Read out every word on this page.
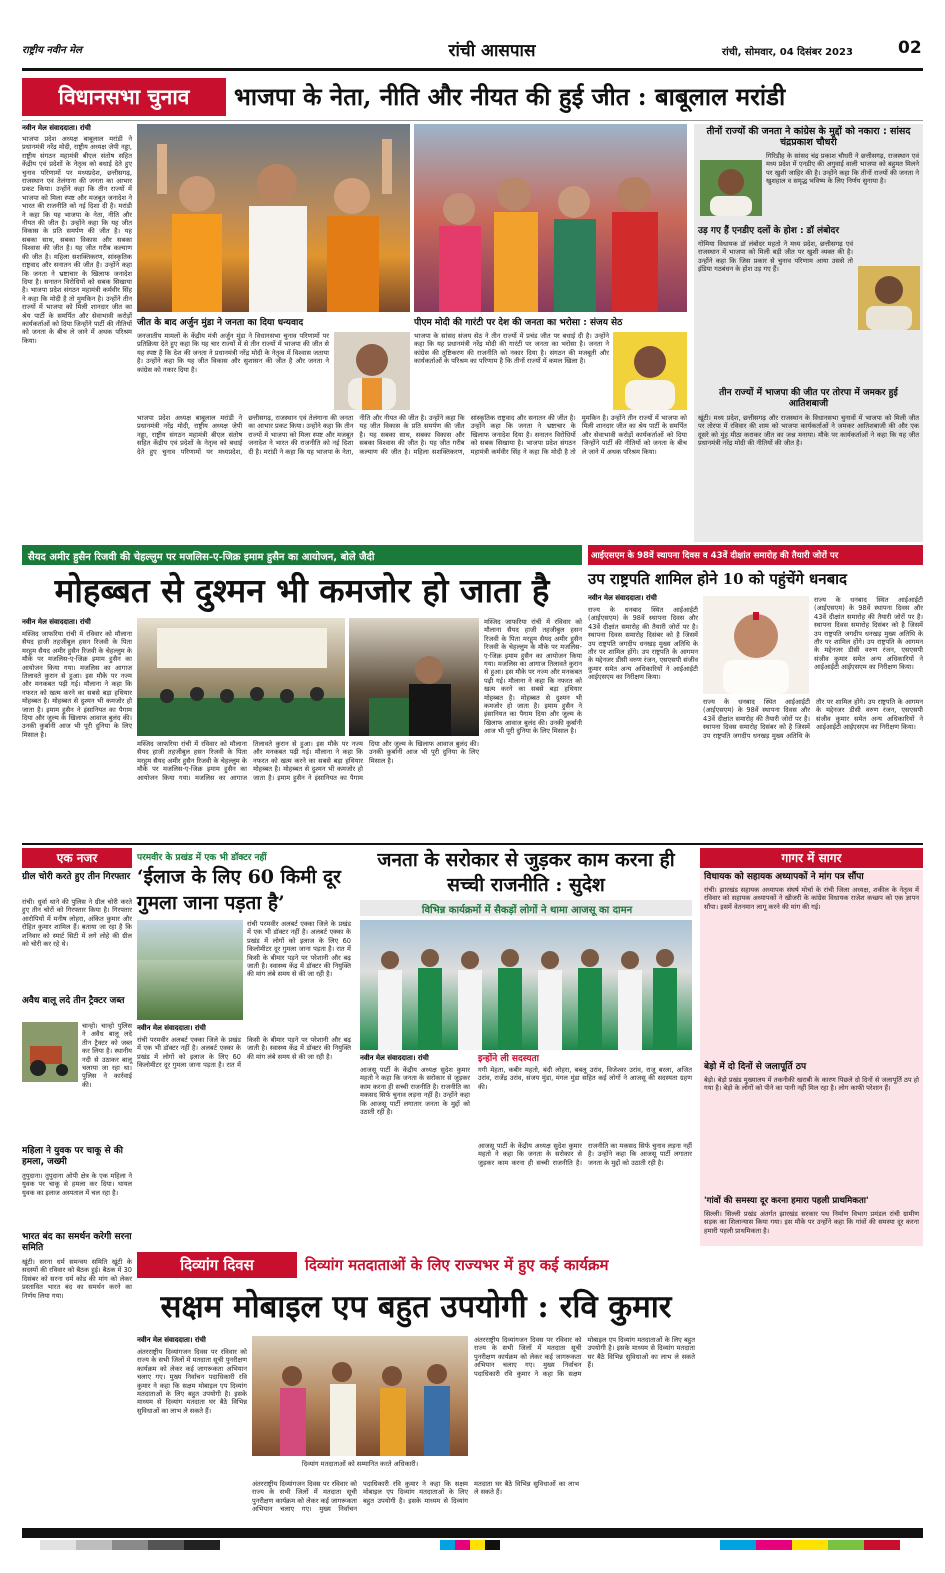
राष्ट्रीय नवीन मेल	रांची आसपास	रांची, सोमवार, 04 दिसंबर 2023	02
विधानसभा चुनाव	भाजपा के नेता, नीति और नीयत की हुई जीत : बाबूलाल मरांडी
नवीन मेल संवाददाता। रांची
भाजपा प्रदेश अध्यक्ष बाबूलाल मरांडी ने प्रधानमंत्री नरेंद्र मोदी, राष्ट्रीय अध्यक्ष जेपी नड्डा, राष्ट्रीय संगठन महामंत्री बीएल संतोष सहित केंद्रीय एवं प्रदेशों के नेतृत्व को बधाई देते हुए चुनाव परिणामों पर मध्यप्रदेश, छत्तीसगढ़, राजस्थान एवं तेलंगाना की जनता का आभार प्रकट किया। उन्होंने कहा कि तीन राज्यों में भाजपा को मिला स्पष्ट और मजबूत जनादेश ने भारत की राजनीति को नई दिशा दी है। मरांडी ने कहा कि यह भाजपा के नेता, नीति और नीयत की जीत है। उन्होंने कहा कि यह जीत विकास के प्रति समर्पण की जीत है। यह सबका साथ, सबका विकास और सबका विश्वास की जीत है। यह जीत गरीब कल्याण की जीत है। महिला सशक्तिकरण, सांस्कृतिक राष्ट्रवाद और सनातन की जीत है। उन्होंने कहा कि जनता ने भ्रष्टाचार के खिलाफ जनादेश दिया है। सनातन विरोधियों को सबक सिखाया है। भाजपा प्रदेश संगठन महामंत्री कर्मवीर सिंह ने कहा कि मोदी है तो मुमकिन है। उन्होंने तीन राज्यों में भाजपा को मिली शानदार जीत का श्रेय पार्टी के समर्पित और सेवाभावी करोड़ों कार्यकर्ताओं को दिया जिन्होंने पार्टी की नीतियों को जनता के बीच ले जाने में अथक परिश्रम किया।
जीत के बाद अर्जुन मुंडा ने जनता का दिया धन्यवाद
जनजातीय मामलों के केंद्रीय मंत्री अर्जुन मुंडा ने विधानसभा चुनाव परिणामों पर प्रतिक्रिया देते हुए कहा कि यह चार राज्यों में से तीन राज्यों में भाजपा की जीत से यह स्पष्ट है कि देश की जनता ने प्रधानमंत्री नरेंद्र मोदी के नेतृत्व में विश्वास जताया है। उन्होंने कहा कि यह जीत विकास और सुशासन की जीत है और जनता ने कांग्रेस को नकार दिया है।
पीएम मोदी की गारंटी पर देश की जनता का भरोसा : संजय सेठ
भाजपा के सांसद संजय सेठ ने तीन राज्यों में प्रचंड जीत पर बधाई दी है। उन्होंने कहा कि यह प्रधानमंत्री नरेंद्र मोदी की गारंटी पर जनता का भरोसा है। जनता ने कांग्रेस की तुष्टिकरण की राजनीति को नकार दिया है। संगठन की मजबूती और कार्यकर्ताओं के परिश्रम का परिणाम है कि तीनों राज्यों में कमल खिला है।
भाजपा प्रदेश अध्यक्ष बाबूलाल मरांडी ने प्रधानमंत्री नरेंद्र मोदी, राष्ट्रीय अध्यक्ष जेपी नड्डा, राष्ट्रीय संगठन महामंत्री बीएल संतोष सहित केंद्रीय एवं प्रदेशों के नेतृत्व को बधाई देते हुए चुनाव परिणामों पर मध्यप्रदेश, छत्तीसगढ़, राजस्थान एवं तेलंगाना की जनता का आभार प्रकट किया। उन्होंने कहा कि तीन राज्यों में भाजपा को मिला स्पष्ट और मजबूत जनादेश ने भारत की राजनीति को नई दिशा दी है। मरांडी ने कहा कि यह भाजपा के नेता, नीति और नीयत की जीत है। उन्होंने कहा कि यह जीत विकास के प्रति समर्पण की जीत है। यह सबका साथ, सबका विकास और सबका विश्वास की जीत है। यह जीत गरीब कल्याण की जीत है। महिला सशक्तिकरण, सांस्कृतिक राष्ट्रवाद और सनातन की जीत है। उन्होंने कहा कि जनता ने भ्रष्टाचार के खिलाफ जनादेश दिया है। सनातन विरोधियों को सबक सिखाया है। भाजपा प्रदेश संगठन महामंत्री कर्मवीर सिंह ने कहा कि मोदी है तो मुमकिन है। उन्होंने तीन राज्यों में भाजपा को मिली शानदार जीत का श्रेय पार्टी के समर्पित और सेवाभावी करोड़ों कार्यकर्ताओं को दिया जिन्होंने पार्टी की नीतियों को जनता के बीच ले जाने में अथक परिश्रम किया।
तीनों राज्यों की जनता ने कांग्रेस के मुद्दों को नकारा : सांसद चंद्रप्रकाश चौधरी
गिरिडीह के सांसद चंद्र प्रकाश चौधरी ने छत्तीसगढ़, राजस्थान एवं मध्य प्रदेश में एनडीए की अगुवाई वाली भाजपा को बहुमत मिलने पर खुशी जाहिर की है। उन्होंने कहा कि तीनों राज्यों की जनता ने खुशहाल व समृद्ध भविष्य के लिए निर्णय सुनाया है।
उड़ गए हैं एनडीए दलों के होश : डॉ लंबोदर
गोमिया विधायक डॉ लंबोदर महतो ने मध्य प्रदेश, छत्तीसगढ़ एवं राजस्थान में भाजपा को मिली बड़ी जीत पर खुशी व्यक्त की है। उन्होंने कहा कि जिस प्रकार से चुनाव परिणाम आया उससे तो इंडिया गठबंधन के होश उड़ गए हैं।
तीन राज्यों में भाजपा की जीत पर तोरपा में जमकर हुई आतिशबाजी
खूंटी। मध्य प्रदेश, छत्तीसगढ़ और राजस्थान के विधानसभा चुनावों में भाजपा को मिली जीत पर तोरपा में रविवार की शाम को भाजपा कार्यकर्ताओं ने जमकर आतिशबाजी की और एक दूसरे को मुंह मीठा कराकर जीत का जश्न मनाया। मौके पर कार्यकर्ताओं ने कहा कि यह जीत प्रधानमंत्री नरेंद्र मोदी की नीतियों की जीत है।
सैयद अमीर हुसैन रिजवी की चेहल्लुम पर मजलिस-ए-जिक्र इमाम हुसैन का आयोजन, बोले जैदी
मोहब्बत से दुश्मन भी कमजोर हो जाता है
नवीन मेल संवाददाता। रांची
मस्जिद जाफरिया रांची में रविवार को मौलाना सैयद हाजी तहजीबुल हसन रिजवी के पिता मरहूम सैयद अमीर हुसैन रिजवी के चेहल्लुम के मौके पर मजलिस-ए-जिक्र इमाम हुसैन का आयोजन किया गया। मजलिस का आगाज तिलावते कुरान से हुआ। इस मौके पर नज्म और मनकबत पढ़ी गई। मौलाना ने कहा कि नफरत को खत्म करने का सबसे बड़ा हथियार मोहब्बत है। मोहब्बत से दुश्मन भी कमजोर हो जाता है। इमाम हुसैन ने इंसानियत का पैगाम दिया और जुल्म के खिलाफ आवाज बुलंद की। उनकी कुर्बानी आज भी पूरी दुनिया के लिए मिसाल है।
मस्जिद जाफरिया रांची में रविवार को मौलाना सैयद हाजी तहजीबुल हसन रिजवी के पिता मरहूम सैयद अमीर हुसैन रिजवी के चेहल्लुम के मौके पर मजलिस-ए-जिक्र इमाम हुसैन का आयोजन किया गया। मजलिस का आगाज तिलावते कुरान से हुआ। इस मौके पर नज्म और मनकबत पढ़ी गई। मौलाना ने कहा कि नफरत को खत्म करने का सबसे बड़ा हथियार मोहब्बत है। मोहब्बत से दुश्मन भी कमजोर हो जाता है। इमाम हुसैन ने इंसानियत का पैगाम दिया और जुल्म के खिलाफ आवाज बुलंद की। उनकी कुर्बानी आज भी पूरी दुनिया के लिए मिसाल है।
मस्जिद जाफरिया रांची में रविवार को मौलाना सैयद हाजी तहजीबुल हसन रिजवी के पिता मरहूम सैयद अमीर हुसैन रिजवी के चेहल्लुम के मौके पर मजलिस-ए-जिक्र इमाम हुसैन का आयोजन किया गया। मजलिस का आगाज तिलावते कुरान से हुआ। इस मौके पर नज्म और मनकबत पढ़ी गई। मौलाना ने कहा कि नफरत को खत्म करने का सबसे बड़ा हथियार मोहब्बत है। मोहब्बत से दुश्मन भी कमजोर हो जाता है। इमाम हुसैन ने इंसानियत का पैगाम दिया और जुल्म के खिलाफ आवाज बुलंद की। उनकी कुर्बानी आज भी पूरी दुनिया के लिए मिसाल है।
आईएसएम के 98वें स्थापना दिवस व 43वें दीक्षांत समारोह की तैयारी जोरों पर
उप राष्ट्रपति शामिल होने 10 को पहुंचेंगे धनबाद
नवीन मेल संवाददाता। रांची
राज्य के धनबाद स्थित आईआईटी (आईएसएम) के 98वें स्थापना दिवस और 43वें दीक्षांत समारोह की तैयारी जोरों पर है। स्थापना दिवस समारोह दिसंबर को है जिसमें उप राष्ट्रपति जगदीप धनखड़ मुख्य अतिथि के तौर पर शामिल होंगे। उप राष्ट्रपति के आगमन के मद्देनजर डीसी वरुण रंजन, एसएसपी संजीव कुमार समेत अन्य अधिकारियों ने आईआईटी आईएसएम का निरीक्षण किया।
राज्य के धनबाद स्थित आईआईटी (आईएसएम) के 98वें स्थापना दिवस और 43वें दीक्षांत समारोह की तैयारी जोरों पर है। स्थापना दिवस समारोह दिसंबर को है जिसमें उप राष्ट्रपति जगदीप धनखड़ मुख्य अतिथि के तौर पर शामिल होंगे। उप राष्ट्रपति के आगमन के मद्देनजर डीसी वरुण रंजन, एसएसपी संजीव कुमार समेत अन्य अधिकारियों ने आईआईटी आईएसएम का निरीक्षण किया।
राज्य के धनबाद स्थित आईआईटी (आईएसएम) के 98वें स्थापना दिवस और 43वें दीक्षांत समारोह की तैयारी जोरों पर है। स्थापना दिवस समारोह दिसंबर को है जिसमें उप राष्ट्रपति जगदीप धनखड़ मुख्य अतिथि के तौर पर शामिल होंगे। उप राष्ट्रपति के आगमन के मद्देनजर डीसी वरुण रंजन, एसएसपी संजीव कुमार समेत अन्य अधिकारियों ने आईआईटी आईएसएम का निरीक्षण किया।
एक नजर
ग्रील चोरी करते हुए तीन गिरफ्तार
रांची। धुर्वा थाने की पुलिस ने ग्रील चोरी करते हुए तीन चोरों को गिरफ्तार किया है। गिरफ्तार आरोपियों में मनीष लोहरा, अंकित कुमार और रोहित कुमार शामिल हैं। बताया जा रहा है कि शनिवार को स्मार्ट सिटी में लगे लोहे की ग्रील को चोरी कर रहे थे।
अवैध बालू लदे तीन ट्रैक्टर जब्त
चान्हो। चान्हो पुलिस ने अवैध बालू लदे तीन ट्रैक्टर को जब्त कर लिया है। स्थानीय नदी से उठाकर बालू चलाया जा रहा था। पुलिस ने कार्रवाई की।
महिला ने युवक पर चाकू से की हमला, जख्मी
तुपुदाना। तुपुदाना ओपी क्षेत्र के एक महिला ने युवक पर चाकू से हमला कर दिया। घायल युवक का इलाज अस्पताल में चल रहा है।
भारत बंद का समर्थन करेगी सरना समिति
खूंटी। सरना धर्म समन्वय समिति खूंटी के सदस्यों की रविवार को बैठक हुई। बैठक में 30 दिसंबर को सरना धर्म कोड की मांग को लेकर प्रस्तावित भारत बंद का समर्थन करने का निर्णय लिया गया।
परमवीर के प्रखंड में एक भी डॉक्टर नहीं
‘ईलाज के लिए 60 किमी दूर गुमला जाना पड़ता है’
रांची परमवीर अलबर्ट एक्का जिले के प्रखंड में एक भी डॉक्टर नहीं है। अलबर्ट एक्का के प्रखंड में लोगों को इलाज के लिए 60 किलोमीटर दूर गुमला जाना पड़ता है। रात में किसी के बीमार पड़ने पर परेशानी और बढ़ जाती है। स्वास्थ्य केंद्र में डॉक्टर की नियुक्ति की मांग लंबे समय से की जा रही है।
नवीन मेल संवाददाता। रांची
रांची परमवीर अलबर्ट एक्का जिले के प्रखंड में एक भी डॉक्टर नहीं है। अलबर्ट एक्का के प्रखंड में लोगों को इलाज के लिए 60 किलोमीटर दूर गुमला जाना पड़ता है। रात में किसी के बीमार पड़ने पर परेशानी और बढ़ जाती है। स्वास्थ्य केंद्र में डॉक्टर की नियुक्ति की मांग लंबे समय से की जा रही है।
जनता के सरोकार से जुड़कर काम करना ही सच्ची राजनीति : सुदेश
विभिन्न कार्यक्रमों में सैकड़ों लोगों ने थामा आजसू का दामन
नवीन मेल संवाददाता। रांची
आजसू पार्टी के केंद्रीय अध्यक्ष सुदेश कुमार महतो ने कहा कि जनता के सरोकार से जुड़कर काम करना ही सच्ची राजनीति है। राजनीति का मकसद सिर्फ चुनाव लड़ना नहीं है। उन्होंने कहा कि आजसू पार्टी लगातार जनता के मुद्दों को उठाती रही है।
इन्होंने ली सदस्यता
गगी मेहता, कबीर महतो, बंदी लोहरा, बबलू उरांव, विजेश्वर उरांव, राजू बरला, अजित उरांव, राजेंद्र उरांव, संजय मुंडा, मंगल मुंडा सहित कई लोगों ने आजसू की सदस्यता ग्रहण की।
आजसू पार्टी के केंद्रीय अध्यक्ष सुदेश कुमार महतो ने कहा कि जनता के सरोकार से जुड़कर काम करना ही सच्ची राजनीति है। राजनीति का मकसद सिर्फ चुनाव लड़ना नहीं है। उन्होंने कहा कि आजसू पार्टी लगातार जनता के मुद्दों को उठाती रही है।
गागर में सागर
विधायक को सहायक अध्यापकों ने मांग पत्र सौंपा
रांची। झारखंड सहायक अध्यापक संघर्ष मोर्चा के रांची जिला अध्यक्ष, शकील के नेतृत्व में रविवार को सहायक अध्यापकों ने खीजरी के कांग्रेस विधायक राजेश कच्छप को एक ज्ञापन सौंपा। इसमें वेतनमान लागू करने की मांग की गई।
बेड़ो में दो दिनों से जलापूर्ति ठप
बेड़ो। बेड़ो प्रखंड मुख्यालय में तकनीकी खराबी के कारण पिछले दो दिनों से जलापूर्ति ठप हो गया है। बेड़ो के लोगों को पीने का पानी नहीं मिल रहा है। लोग काफी परेशान हैं।
'गांवों की समस्या दूर करना हमारा पहली प्राथमिकता'
सिल्ली। सिल्ली प्रखंड अंतर्गत झारखंड सरकार पथ निर्माण विभाग प्रमंडल रांची ग्रामीण सड़क का शिलान्यास किया गया। इस मौके पर उन्होंने कहा कि गांवों की समस्या दूर करना हमारी पहली प्राथमिकता है।
दिव्यांग दिवस	दिव्यांग मतदाताओं के लिए राज्यभर में हुए कई कार्यक्रम
सक्षम मोबाइल एप बहुत उपयोगी : रवि कुमार
नवीन मेल संवाददाता। रांची
अंतरराष्ट्रीय दिव्यांगजन दिवस पर रविवार को राज्य के सभी जिलों में मतदाता सूची पुनरीक्षण कार्यक्रम को लेकर कई जागरूकता अभियान चलाए गए। मुख्य निर्वाचन पदाधिकारी रवि कुमार ने कहा कि सक्षम मोबाइल एप दिव्यांग मतदाताओं के लिए बहुत उपयोगी है। इसके माध्यम से दिव्यांग मतदाता घर बैठे विभिन्न सुविधाओं का लाभ ले सकते हैं।
दिव्यांग मतदाताओं को सम्मानित करते अधिकारी।
अंतरराष्ट्रीय दिव्यांगजन दिवस पर रविवार को राज्य के सभी जिलों में मतदाता सूची पुनरीक्षण कार्यक्रम को लेकर कई जागरूकता अभियान चलाए गए। मुख्य निर्वाचन पदाधिकारी रवि कुमार ने कहा कि सक्षम मोबाइल एप दिव्यांग मतदाताओं के लिए बहुत उपयोगी है। इसके माध्यम से दिव्यांग मतदाता घर बैठे विभिन्न सुविधाओं का लाभ ले सकते हैं।
अंतरराष्ट्रीय दिव्यांगजन दिवस पर रविवार को राज्य के सभी जिलों में मतदाता सूची पुनरीक्षण कार्यक्रम को लेकर कई जागरूकता अभियान चलाए गए। मुख्य निर्वाचन पदाधिकारी रवि कुमार ने कहा कि सक्षम मोबाइल एप दिव्यांग मतदाताओं के लिए बहुत उपयोगी है। इसके माध्यम से दिव्यांग मतदाता घर बैठे विभिन्न सुविधाओं का लाभ ले सकते हैं।
